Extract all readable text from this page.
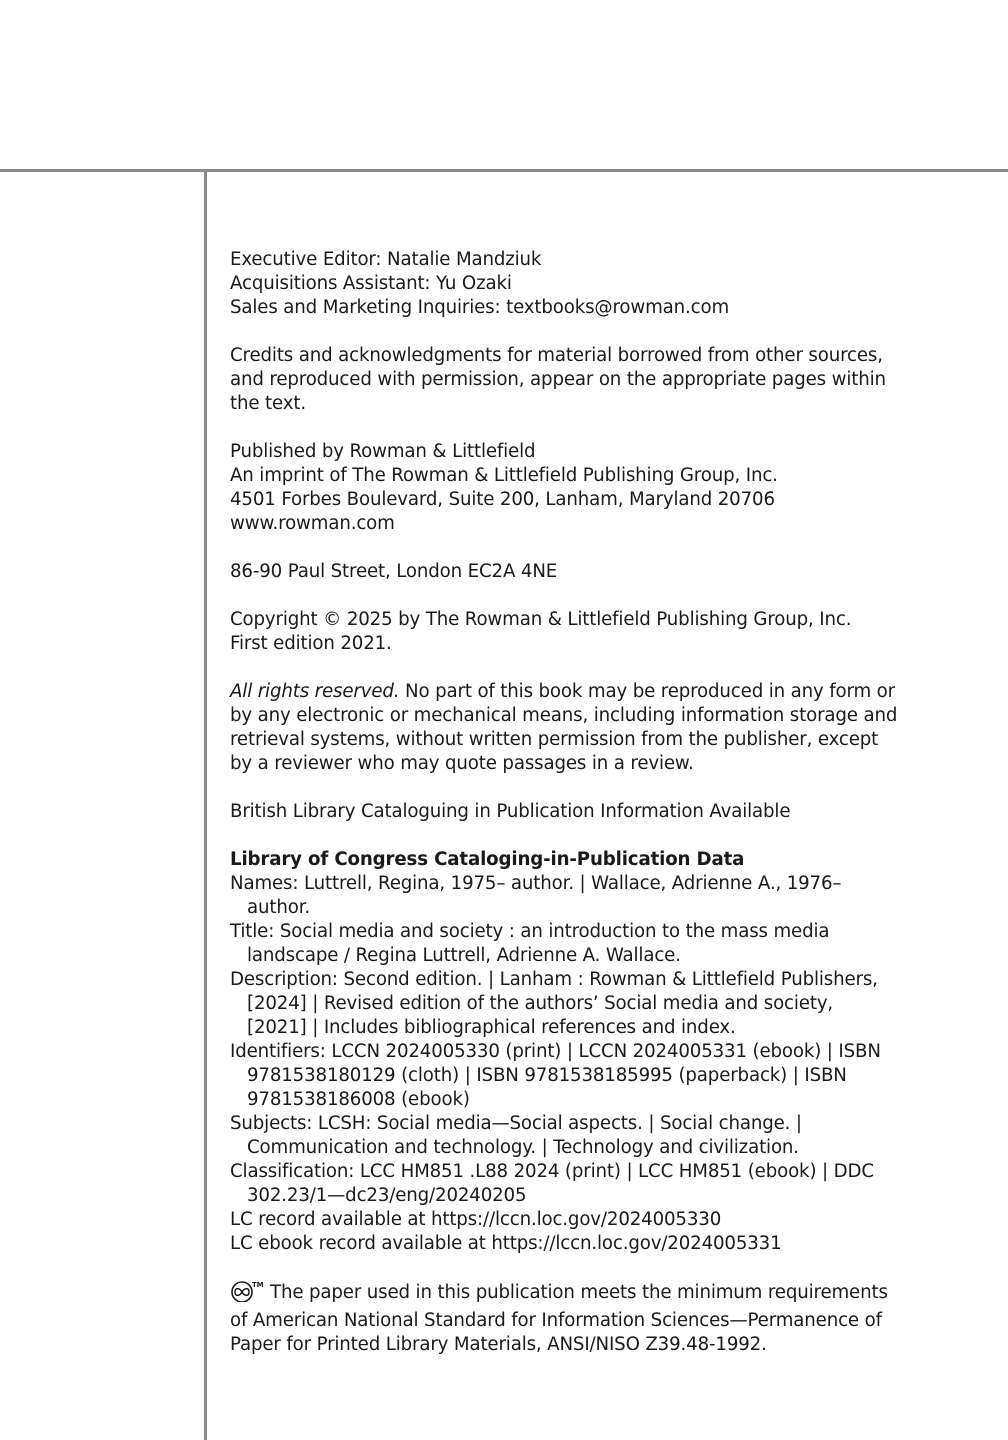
Executive Editor: Natalie Mandziuk

Acquisitions Assistant: Yu Ozaki

Sales and Marketing Inquiries: textbooks@rowman.com

Credits and acknowledgments for material borrowed from other sources, and reproduced with permission, appear on the appropriate pages within the text.

Published by Rowman & Littlefield

An imprint of The Rowman & Littlefield Publishing Group, Inc.

4501 Forbes Boulevard, Suite 200, Lanham, Maryland 20706

www.rowman.com

86-90 Paul Street, London EC2A 4NE

Copyright © 2025 by The Rowman & Littlefield Publishing Group, Inc.

First edition 2021.

All rights reserved. No part of this book may be reproduced in any form or by any electronic or mechanical means, including information storage and retrieval systems, without written permission from the publisher, except by a reviewer who may quote passages in a review.

British Library Cataloguing in Publication Information Available

Library of Congress Cataloging-in-Publication Data

Names: Luttrell, Regina, 1975– author. | Wallace, Adrienne A., 1976– author.

Title: Social media and society : an introduction to the mass media landscape / Regina Luttrell, Adrienne A. Wallace.

Description: Second edition. | Lanham : Rowman & Littlefield Publishers, [2024] | Revised edition of the authors’ Social media and society, [2021] | Includes bibliographical references and index.

Identifiers: LCCN 2024005330 (print) | LCCN 2024005331 (ebook) | ISBN 9781538180129 (cloth) | ISBN 9781538185995 (paperback) | ISBN 9781538186008 (ebook)

Subjects: LCSH: Social media—Social aspects. | Social change. | Communication and technology. | Technology and civilization.

Classification: LCC HM851 .L88 2024 (print) | LCC HM851 (ebook) | DDC 302.23/1—dc23/eng/20240205

LC record available at https://lccn.loc.gov/2024005330

LC ebook record available at https://lccn.loc.gov/2024005331

TM The paper used in this publication meets the minimum requirements of American National Standard for Information Sciences—Permanence of Paper for Printed Library Materials, ANSI/NISO Z39.48-1992.
